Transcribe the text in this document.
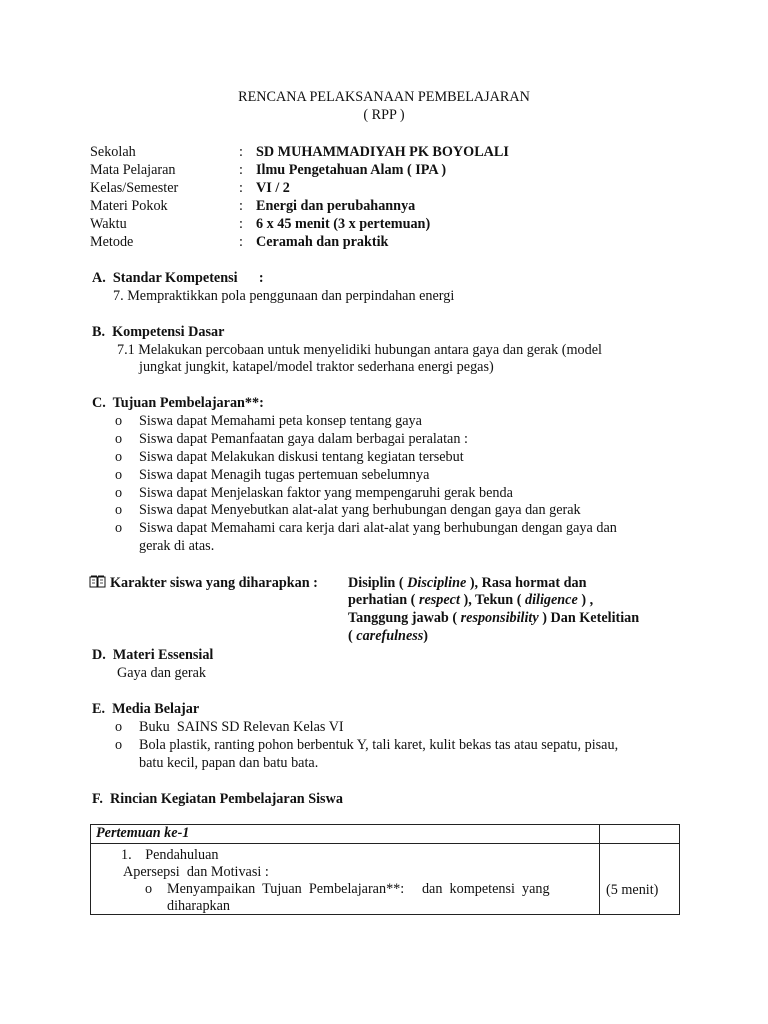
RENCANA PELAKSANAAN PEMBELAJARAN
( RPP )
Sekolah	: SD MUHAMMADIYAH PK BOYOLALI
Mata Pelajaran	: Ilmu Pengetahuan Alam ( IPA )
Kelas/Semester	: VI / 2
Materi Pokok	: Energi dan perubahannya
Waktu	: 6 x 45 menit (3 x pertemuan)
Metode	: Ceramah dan praktik
A.  Standar Kompetensi      :
7. Mempraktikkan pola penggunaan dan perpindahan energi
B.  Kompetensi Dasar
7.1 Melakukan percobaan untuk menyelidiki hubungan antara gaya dan gerak (model
jungkat jungkit, katapel/model traktor sederhana energi pegas)
C.  Tujuan Pembelajaran**:
o Siswa dapat Memahami peta konsep tentang gaya
o Siswa dapat Pemanfaatan gaya dalam berbagai peralatan :
o Siswa dapat Melakukan diskusi tentang kegiatan tersebut
o Siswa dapat Menagih tugas pertemuan sebelumnya
o Siswa dapat Menjelaskan faktor yang mempengaruhi gerak benda
o Siswa dapat Menyebutkan alat-alat yang berhubungan dengan gaya dan gerak
o Siswa dapat Memahami cara kerja dari alat-alat yang berhubungan dengan gaya dan
gerak di atas.
Karakter siswa yang diharapkan : Disiplin ( Discipline ), Rasa hormat dan
perhatian ( respect ), Tekun ( diligence ) ,
Tanggung jawab ( responsibility ) Dan Ketelitian
( carefulness)
D.  Materi Essensial
Gaya dan gerak
E.  Media Belajar
o Buku  SAINS SD Relevan Kelas VI
o Bola plastik, ranting pohon berbentuk Y, tali karet, kulit bekas tas atau sepatu, pisau,
batu kecil, papan dan batu bata.
F.  Rincian Kegiatan Pembelajaran Siswa
Pertemuan ke-1	

1. Pendahuluan
Apersepsi  dan Motivasi :
o Menyampaikan  Tujuan  Pembelajaran**:     dan  kompetensi  yang
diharapkan	(5 menit)
